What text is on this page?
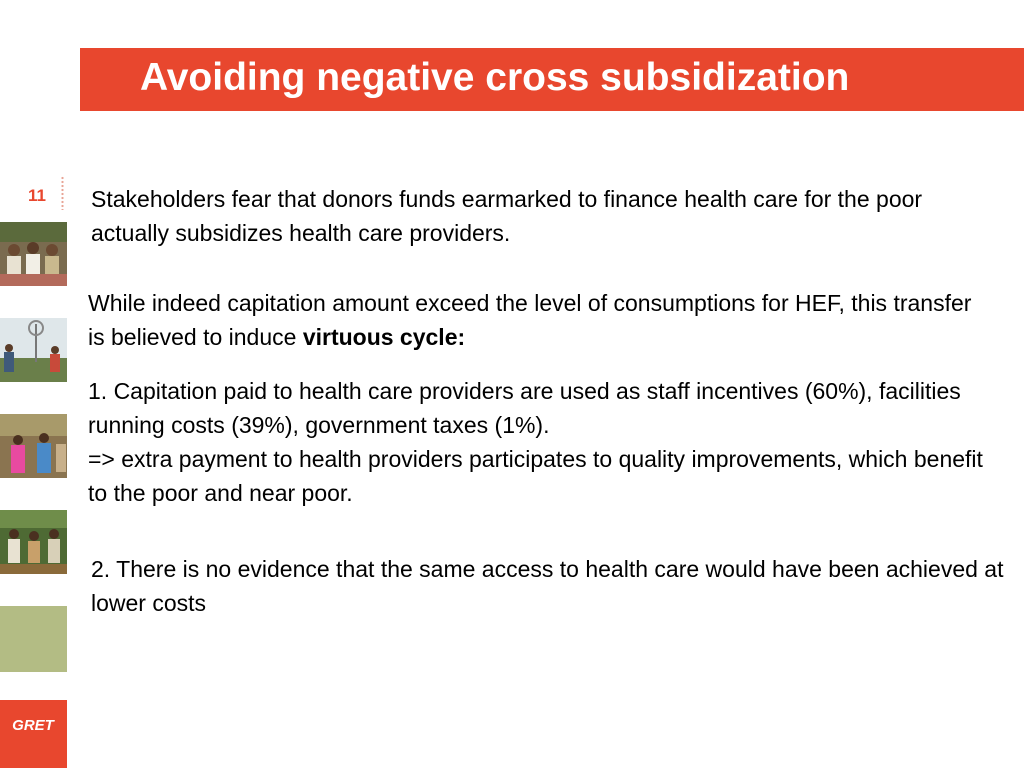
Avoiding negative cross subsidization
11
GRET

Stakeholders fear that donors funds earmarked to finance health care for the poor actually subsidizes health care providers.

While indeed capitation amount exceed the level of consumptions for HEF, this transfer is believed to induce virtuous cycle:

1. Capitation paid to health care providers are used as staff incentives (60%), facilities running costs (39%), government taxes (1%).
=> extra payment to health providers participates to quality improvements, which benefit to the poor and near poor.

2. There is no evidence that the same access to health care would have been achieved at lower costs
